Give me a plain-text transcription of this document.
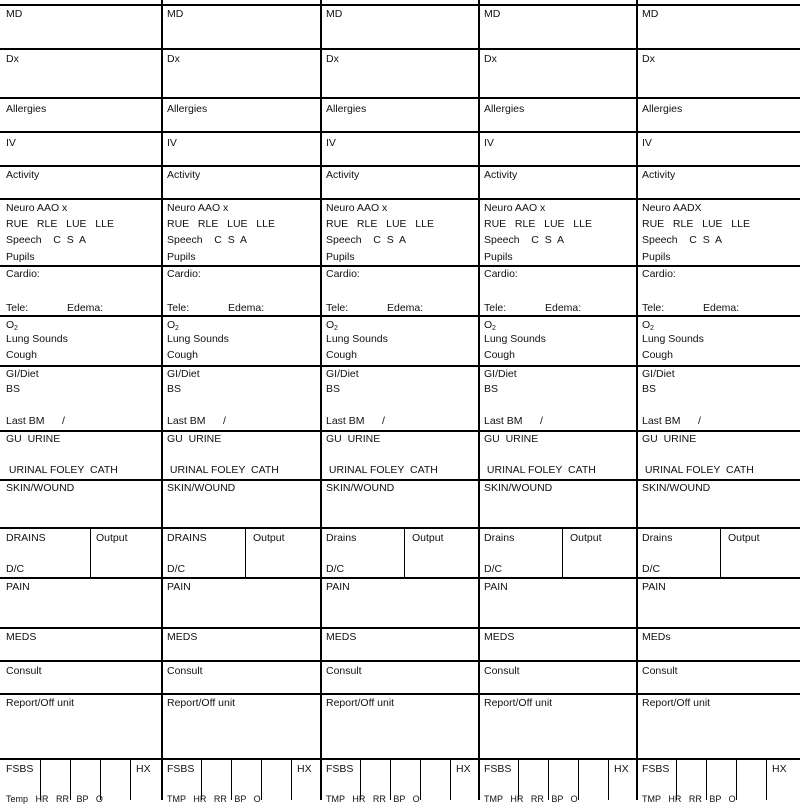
MD
Dx
Allergies
IV
Activity
Neuro AAO x
RUE   RLE   LUE   LLE
Speech    C  S  A
Pupils
Cardio:
Tele:	Edema:
O 2
Lung Sounds
Cough
GI/Diet
BS
Last BM      /
GU  URINE
URINAL FOLEY  CATH
SKIN/WOUND
DRAINS	Output
D/C
PAIN
MEDS
Consult
Report/Off unit
FSBS	HX
Temp   HR   RR   BP   O
MD
Dx
Allergies
IV
Activity
Neuro AAO x
RUE   RLE   LUE   LLE
Speech    C  S  A
Pupils
Cardio:
Tele:	Edema:
O 2
Lung Sounds
Cough
GI/Diet
BS
Last BM      /
GU  URINE
URINAL FOLEY  CATH
SKIN/WOUND
DRAINS	Output
D/C
PAIN
MEDS
Consult
Report/Off unit
FSBS	HX
TMP   HR   RR   BP   O
MD
Dx
Allergies
IV
Activity
Neuro AAO x
RUE   RLE   LUE   LLE
Speech    C  S  A
Pupils
Cardio:
Tele:	Edema:
O 2
Lung Sounds
Cough
GI/Diet
BS
Last BM      /
GU  URINE
URINAL FOLEY  CATH
SKIN/WOUND
Drains	Output
D/C
PAIN
MEDS
Consult
Report/Off unit
FSBS	HX
TMP   HR   RR   BP   O
MD
Dx
Allergies
IV
Activity
Neuro AAO x
RUE   RLE   LUE   LLE
Speech    C  S  A
Pupils
Cardio:
Tele:	Edema:
O 2
Lung Sounds
Cough
GI/Diet
BS
Last BM      /
GU  URINE
URINAL FOLEY  CATH
SKIN/WOUND
Drains	Output
D/C
PAIN
MEDS
Consult
Report/Off unit
FSBS	HX
TMP   HR   RR   BP   O
MD
Dx
Allergies
IV
Activity
Neuro AADX
RUE   RLE   LUE   LLE
Speech    C  S  A
Pupils
Cardio:
Tele:	Edema:
O 2
Lung Sounds
Cough
GI/Diet
BS
Last BM      /
GU  URINE
URINAL FOLEY  CATH
SKIN/WOUND
Drains	Output
D/C
PAIN
MEDs
Consult
Report/Off unit
FSBS	HX
TMP   HR   RR   BP   O
